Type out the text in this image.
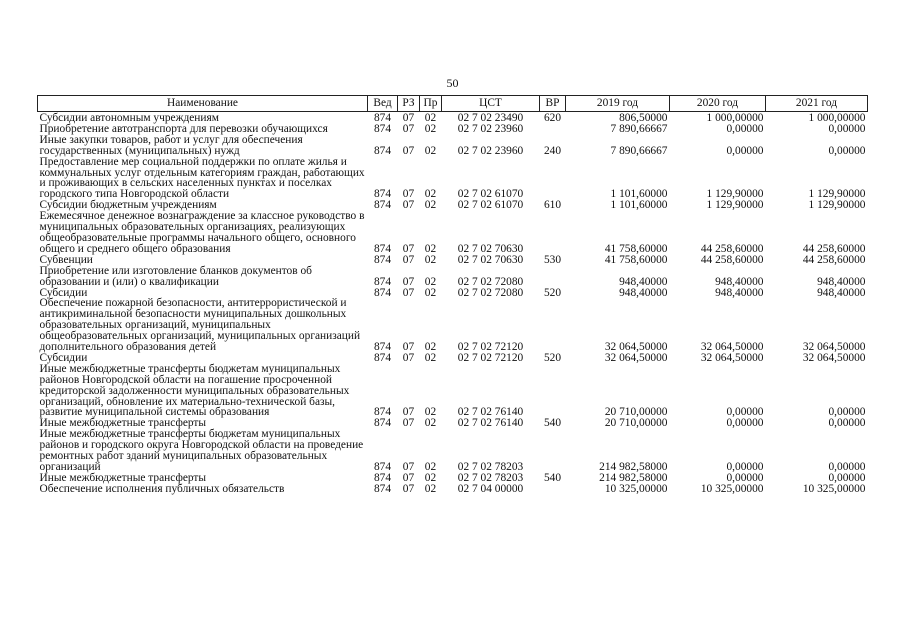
50
Наименование	Вед	РЗ	Пр	ЦСТ	ВР	2019 год	2020 год	2021 год
Субсидии автономным учреждениям	874	07	02	02 7 02 23490	620	806,50000	1 000,00000	1 000,00000
Приобретение автотранспорта для перевозки обучающихся	874	07	02	02 7 02 23960		7 890,66667	0,00000	0,00000
Иные закупки товаров, работ и услуг для обеспечения государственных (муниципальных) нужд	874	07	02	02 7 02 23960	240	7 890,66667	0,00000	0,00000
Предоставление мер социальной поддержки по оплате жилья и коммунальных услуг отдельным категориям граждан, работающих и проживающих в сельских населенных пунктах и поселках городского типа Новгородской области	874	07	02	02 7 02 61070		1 101,60000	1 129,90000	1 129,90000
Субсидии бюджетным учреждениям	874	07	02	02 7 02 61070	610	1 101,60000	1 129,90000	1 129,90000
Ежемесячное денежное вознаграждение за классное руководство в муниципальных образовательных организациях, реализующих общеобразовательные программы начального общего, основного общего и среднего общего образования	874	07	02	02 7 02 70630		41 758,60000	44 258,60000	44 258,60000
Субвенции	874	07	02	02 7 02 70630	530	41 758,60000	44 258,60000	44 258,60000
Приобретение или изготовление бланков документов об образовании и (или) о квалификации	874	07	02	02 7 02 72080		948,40000	948,40000	948,40000
Субсидии	874	07	02	02 7 02 72080	520	948,40000	948,40000	948,40000
Обеспечение пожарной безопасности, антитеррористической и антикриминальной безопасности муниципальных дошкольных образовательных организаций, муниципальных общеобразовательных организаций, муниципальных организаций дополнительного образования детей	874	07	02	02 7 02 72120		32 064,50000	32 064,50000	32 064,50000
Субсидии	874	07	02	02 7 02 72120	520	32 064,50000	32 064,50000	32 064,50000
Иные межбюджетные трансферты бюджетам муниципальных районов Новгородской области на погашение просроченной кредиторской задолженности муниципальных образовательных организаций, обновление их материально-технической базы, развитие муниципальной системы образования	874	07	02	02 7 02 76140		20 710,00000	0,00000	0,00000
Иные межбюджетные трансферты	874	07	02	02 7 02 76140	540	20 710,00000	0,00000	0,00000
Иные межбюджетные трансферты бюджетам муниципальных районов и городского округа Новгородской области на проведение ремонтных работ зданий муниципальных образовательных организаций	874	07	02	02 7 02 78203		214 982,58000	0,00000	0,00000
Иные межбюджетные трансферты	874	07	02	02 7 02 78203	540	214 982,58000	0,00000	0,00000
Обеспечение исполнения публичных обязательств	874	07	02	02 7 04 00000		10 325,00000	10 325,00000	10 325,00000
